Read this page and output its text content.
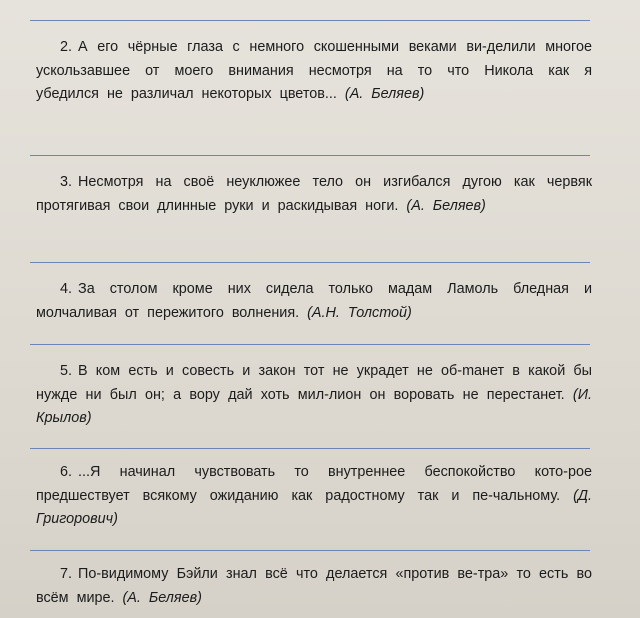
2. А его чёрные глаза с немного скошенными веками ви-делили многое ускользавшее от моего внимания несмотря на то что Никола как я убедился не различал некоторых цветов... (А. Беляев)
3. Несмотря на своё неуклюжее тело он изгибался дугою как червяк протягивая свои длинные руки и раскидывая ноги. (А. Беляев)
4. За столом кроме них сидела только мадам Ламоль бледная и молчаливая от пережитого волнения. (А.Н. Толстой)
5. В ком есть и совесть и закон тот не украдет не об-mанет в какой бы нужде ни был он; а вору дай хоть мил-лион он воровать не перестанет. (И. Крылов)
6. ...Я начинал чувствовать то внутреннее беспокойство кото-рое предшествует всякому ожиданию как радостному так и пе-чальному. (Д. Григорович)
7. По-видимому Бэйли знал всё что делается «против ве-тра» то есть во всём мире. (А. Беляев)
